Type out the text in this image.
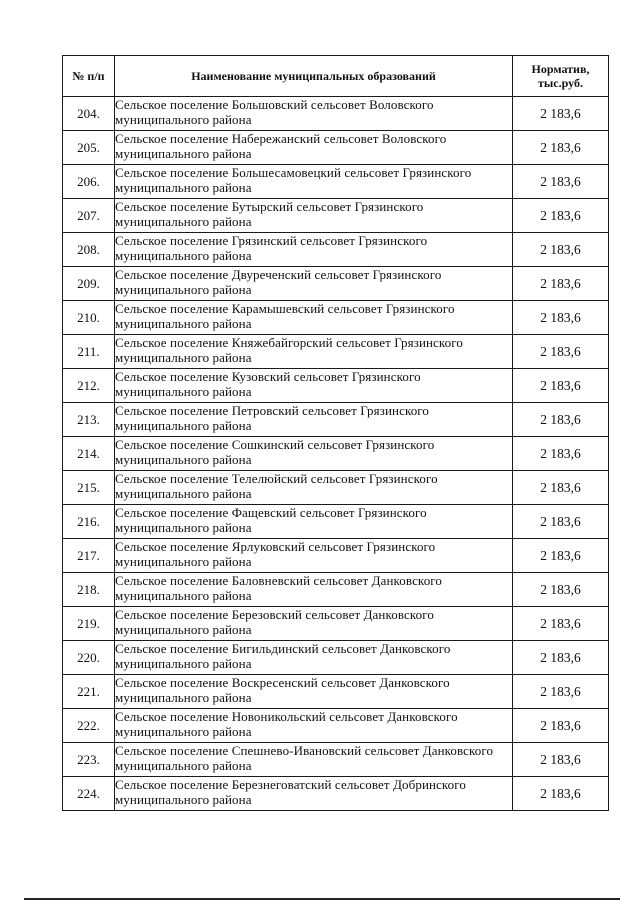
№ п/п	Наименование муниципальных образований	Норматив, тыс.руб.
204.	Сельское поселение Большовский сельсовет Воловского муниципального района	2 183,6
205.	Сельское поселение Набережанский сельсовет Воловского муниципального района	2 183,6
206.	Сельское поселение Большесамовецкий сельсовет Грязинского муниципального района	2 183,6
207.	Сельское поселение Бутырский сельсовет Грязинского муниципального района	2 183,6
208.	Сельское поселение Грязинский сельсовет Грязинского муниципального района	2 183,6
209.	Сельское поселение Двуреченский сельсовет Грязинского муниципального района	2 183,6
210.	Сельское поселение Карамышевский сельсовет Грязинского муниципального района	2 183,6
211.	Сельское поселение Княжебайгорский сельсовет Грязинского муниципального района	2 183,6
212.	Сельское поселение Кузовский сельсовет Грязинского муниципального района	2 183,6
213.	Сельское поселение Петровский сельсовет Грязинского муниципального района	2 183,6
214.	Сельское поселение Сошкинский сельсовет Грязинского муниципального района	2 183,6
215.	Сельское поселение Телелюйский сельсовет Грязинского муниципального района	2 183,6
216.	Сельское поселение Фащевский сельсовет Грязинского муниципального района	2 183,6
217.	Сельское поселение Ярлуковский сельсовет Грязинского муниципального района	2 183,6
218.	Сельское поселение Баловневский сельсовет Данковского муниципального района	2 183,6
219.	Сельское поселение Березовский сельсовет Данковского муниципального района	2 183,6
220.	Сельское поселение Бигильдинский сельсовет Данковского муниципального района	2 183,6
221.	Сельское поселение Воскресенский сельсовет Данковского муниципального района	2 183,6
222.	Сельское поселение Новоникольский сельсовет Данковского муниципального района	2 183,6
223.	Сельское поселение Спешнево-Ивановский сельсовет Данковского муниципального района	2 183,6
224.	Сельское поселение Березнеговатский сельсовет Добринского муниципального района	2 183,6
